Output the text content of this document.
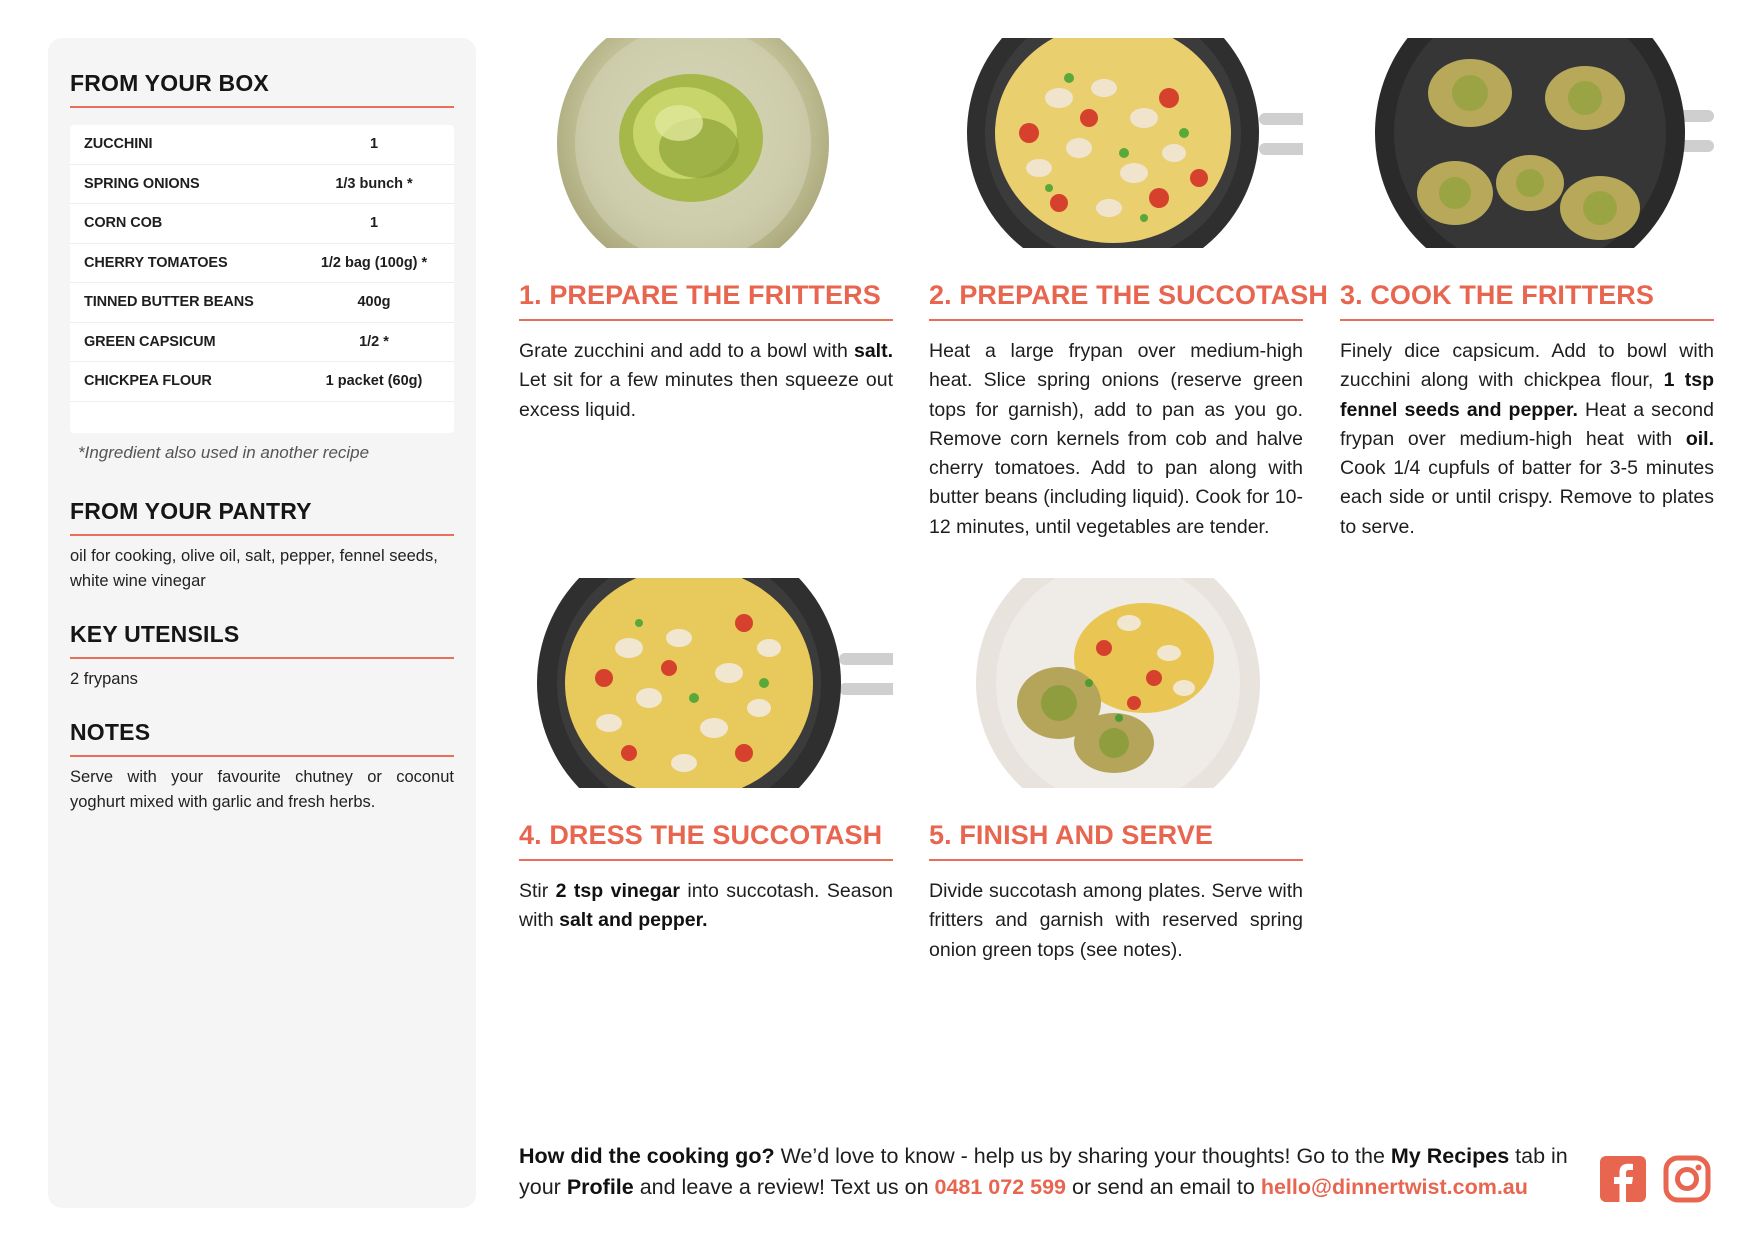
FROM YOUR BOX
ZUCCHINI	1
SPRING ONIONS	1/3 bunch *
CORN COB	1
CHERRY TOMATOES	1/2 bag (100g) *
TINNED BUTTER BEANS	400g
GREEN CAPSICUM	1/2 *
CHICKPEA FLOUR	1 packet (60g)
*Ingredient also used in another recipe
FROM YOUR PANTRY
oil for cooking, olive oil, salt, pepper, fennel seeds, white wine vinegar
KEY UTENSILS
2 frypans
NOTES
Serve with your favourite chutney or coconut yoghurt mixed with garlic and fresh herbs.
1. PREPARE THE FRITTERS
Grate zucchini and add to a bowl with salt. Let sit for a few minutes then squeeze out excess liquid.
2. PREPARE THE SUCCOTASH
Heat a large frypan over medium-high heat. Slice spring onions (reserve green tops for garnish), add to pan as you go. Remove corn kernels from cob and halve cherry tomatoes. Add to pan along with butter beans (including liquid). Cook for 10-12 minutes, until vegetables are tender.
3. COOK THE FRITTERS
Finely dice capsicum. Add to bowl with zucchini along with chickpea flour, 1 tsp fennel seeds and pepper. Heat a second frypan over medium-high heat with oil. Cook 1/4 cupfuls of batter for 3-5 minutes each side or until crispy. Remove to plates to serve.
4. DRESS THE SUCCOTASH
Stir 2 tsp vinegar into succotash. Season with salt and pepper.
5. FINISH AND SERVE
Divide succotash among plates. Serve with fritters and garnish with reserved spring onion green tops (see notes).
How did the cooking go? We’d love to know - help us by sharing your thoughts! Go to the My Recipes tab in your Profile and leave a review! Text us on 0481 072 599 or send an email to hello@dinnertwist.com.au
